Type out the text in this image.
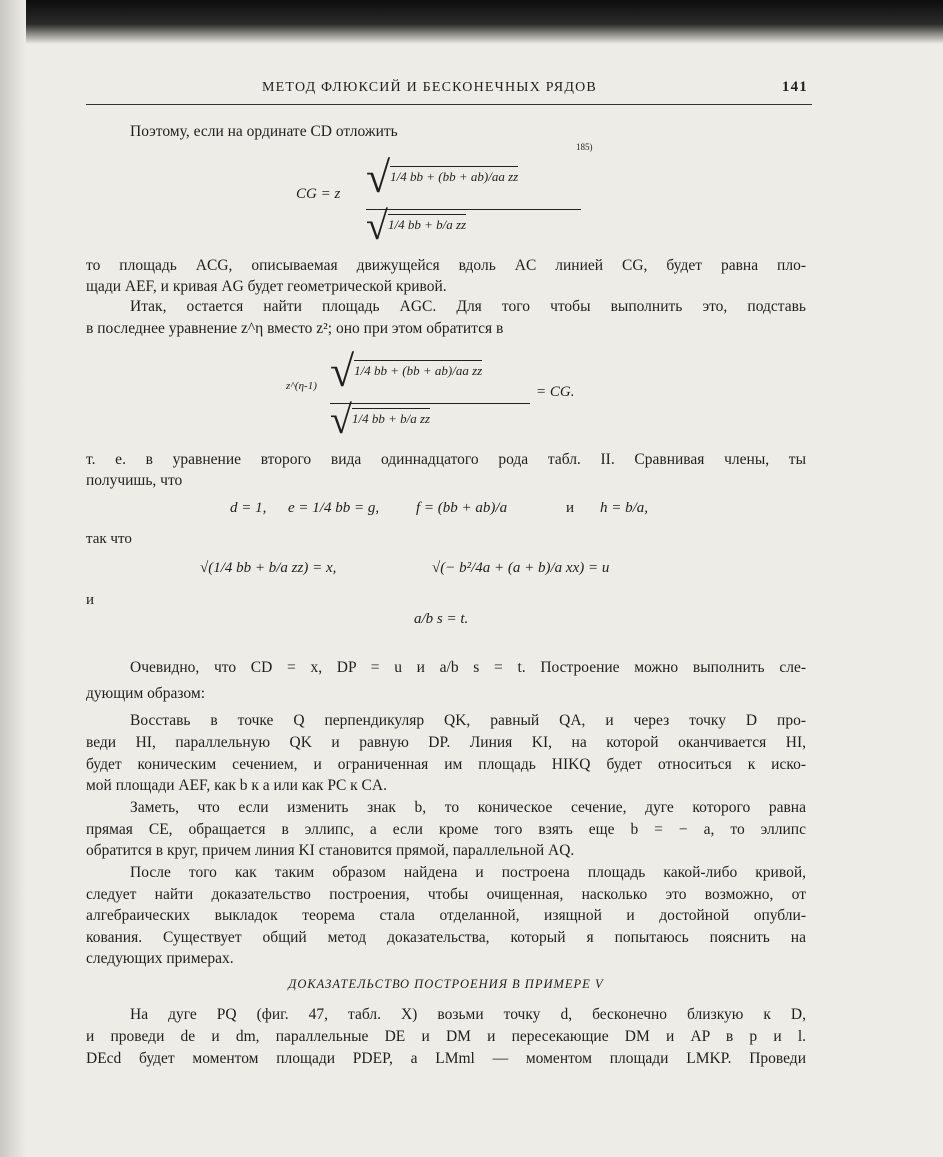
МЕТОД ФЛЮКСИЙ И БЕСКОНЕЧНЫХ РЯДОВ	141
Поэтому, если на ординате CD отложить
185)
CG = z √1/4 bb + (bb + ab)/aa zz
√1/4 bb + b/a zz
то площадь ACG, описываемая движущейся вдоль AC линией CG, будет равна пло-
щади AEF, и кривая AG будет геометрической кривой.
Итак, остается найти площадь AGC. Для того чтобы выполнить это, подставь
в последнее уравнение z^η вместо z²; оно при этом обратится в
z^(η-1) √1/4 bb + (bb + ab)/aa zz
√1/4 bb + b/a zz
= CG.
т. е. в уравнение второго вида одиннадцатого рода табл. II. Сравнивая члены, ты
получишь, что
d = 1, e = 1/4 bb = g, f = (bb + ab)/a	и h = b/a,
так что
√(1/4 bb + b/a zz) = x,	√(− b²/4a + (a + b)/a xx) = u
и
a/b s = t.
Очевидно, что CD = x, DP = u и a/b s = t. Построение можно выполнить сле-
дующим образом:
Восставь в точке Q перпендикуляр QK, равный QA, и через точку D про-
веди HI, параллельную QK и равную DP. Линия KI, на которой оканчивается HI,
будет коническим сечением, и ограниченная им площадь HIKQ будет относиться к иско-
мой площади AEF, как b к a или как PC к CA.
Заметь, что если изменить знак b, то коническое сечение, дуге которого равна
прямая CE, обращается в эллипс, а если кроме того взять еще b = − a, то эллипс
обратится в круг, причем линия KI становится прямой, параллельной AQ.
После того как таким образом найдена и построена площадь какой-либо кривой,
следует найти доказательство построения, чтобы очищенная, насколько это возможно, от
алгебраических выкладок теорема стала отделанной, изящной и достойной опубли-
кования. Существует общий метод доказательства, который я попытаюсь пояснить на
следующих примерах.
ДОКАЗАТЕЛЬСТВО ПОСТРОЕНИЯ В ПРИМЕРЕ V
На дуге PQ (фиг. 47, табл. X) возьми точку d, бесконечно близкую к D,
и проведи de и dm, параллельные DE и DM и пересекающие DM и AP в p и l.
DEcd будет моментом площади PDEP, а LMml — моментом площади LMKP. Проведи
